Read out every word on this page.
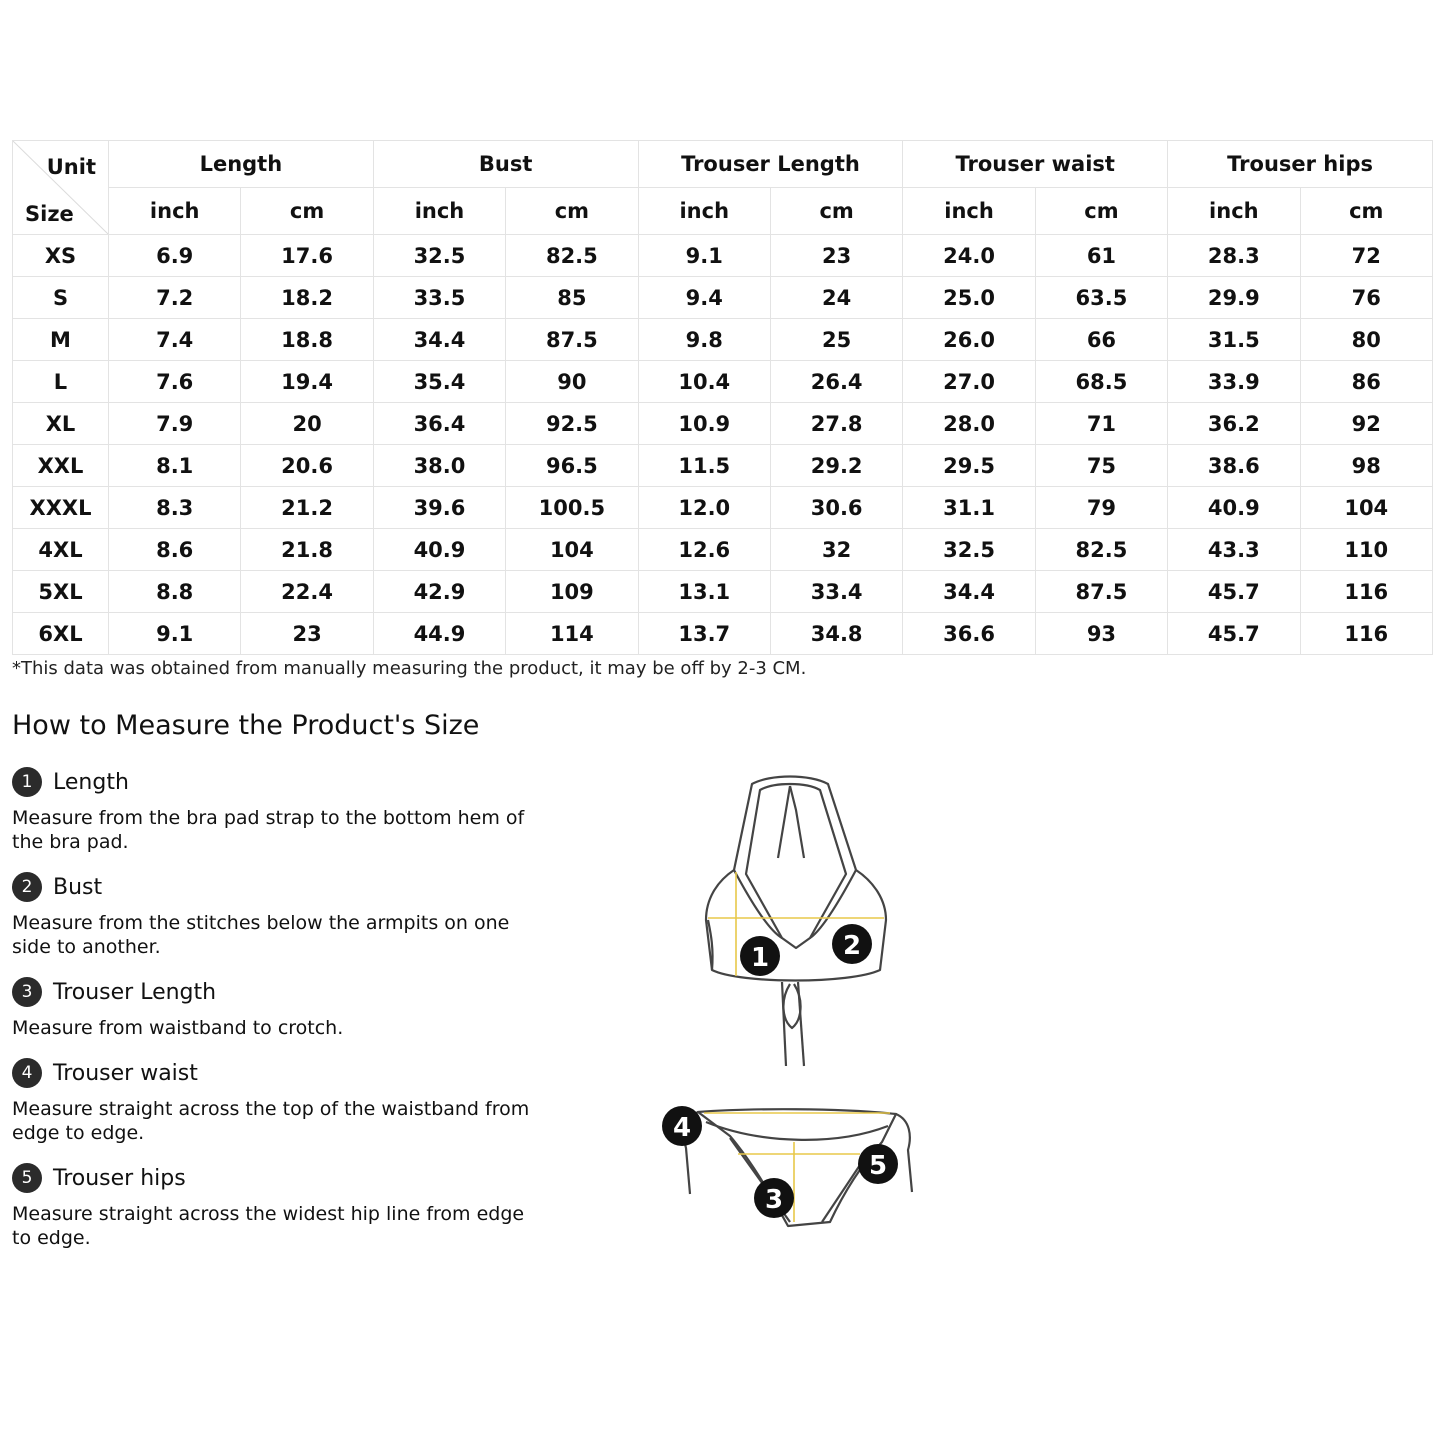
Unit
Size	Length		Bust		Trouser Length		Trouser waist		Trouser hips	
	inch	cm	inch	cm	inch	cm	inch	cm	inch	cm
XS	6.9	17.6	32.5	82.5	9.1	23	24.0	61	28.3	72
S	7.2	18.2	33.5	85	9.4	24	25.0	63.5	29.9	76
M	7.4	18.8	34.4	87.5	9.8	25	26.0	66	31.5	80
L	7.6	19.4	35.4	90	10.4	26.4	27.0	68.5	33.9	86
XL	7.9	20	36.4	92.5	10.9	27.8	28.0	71	36.2	92
XXL	8.1	20.6	38.0	96.5	11.5	29.2	29.5	75	38.6	98
XXXL	8.3	21.2	39.6	100.5	12.0	30.6	31.1	79	40.9	104
4XL	8.6	21.8	40.9	104	12.6	32	32.5	82.5	43.3	110
5XL	8.8	22.4	42.9	109	13.1	33.4	34.4	87.5	45.7	116
6XL	9.1	23	44.9	114	13.7	34.8	36.6	93	45.7	116
*This data was obtained from manually measuring the product, it may be off by 2-3 CM.
How to Measure the Product's Size
1 Length
Measure from the bra pad strap to the bottom hem of the bra pad.
2 Bust
Measure from the stitches below the armpits on one side to another.
3 Trouser Length
Measure from waistband to crotch.
4 Trouser waist
Measure straight across the top of the waistband from edge to edge.
5 Trouser hips
Measure straight across the widest hip line from edge to edge.
1	2
3
4
5
